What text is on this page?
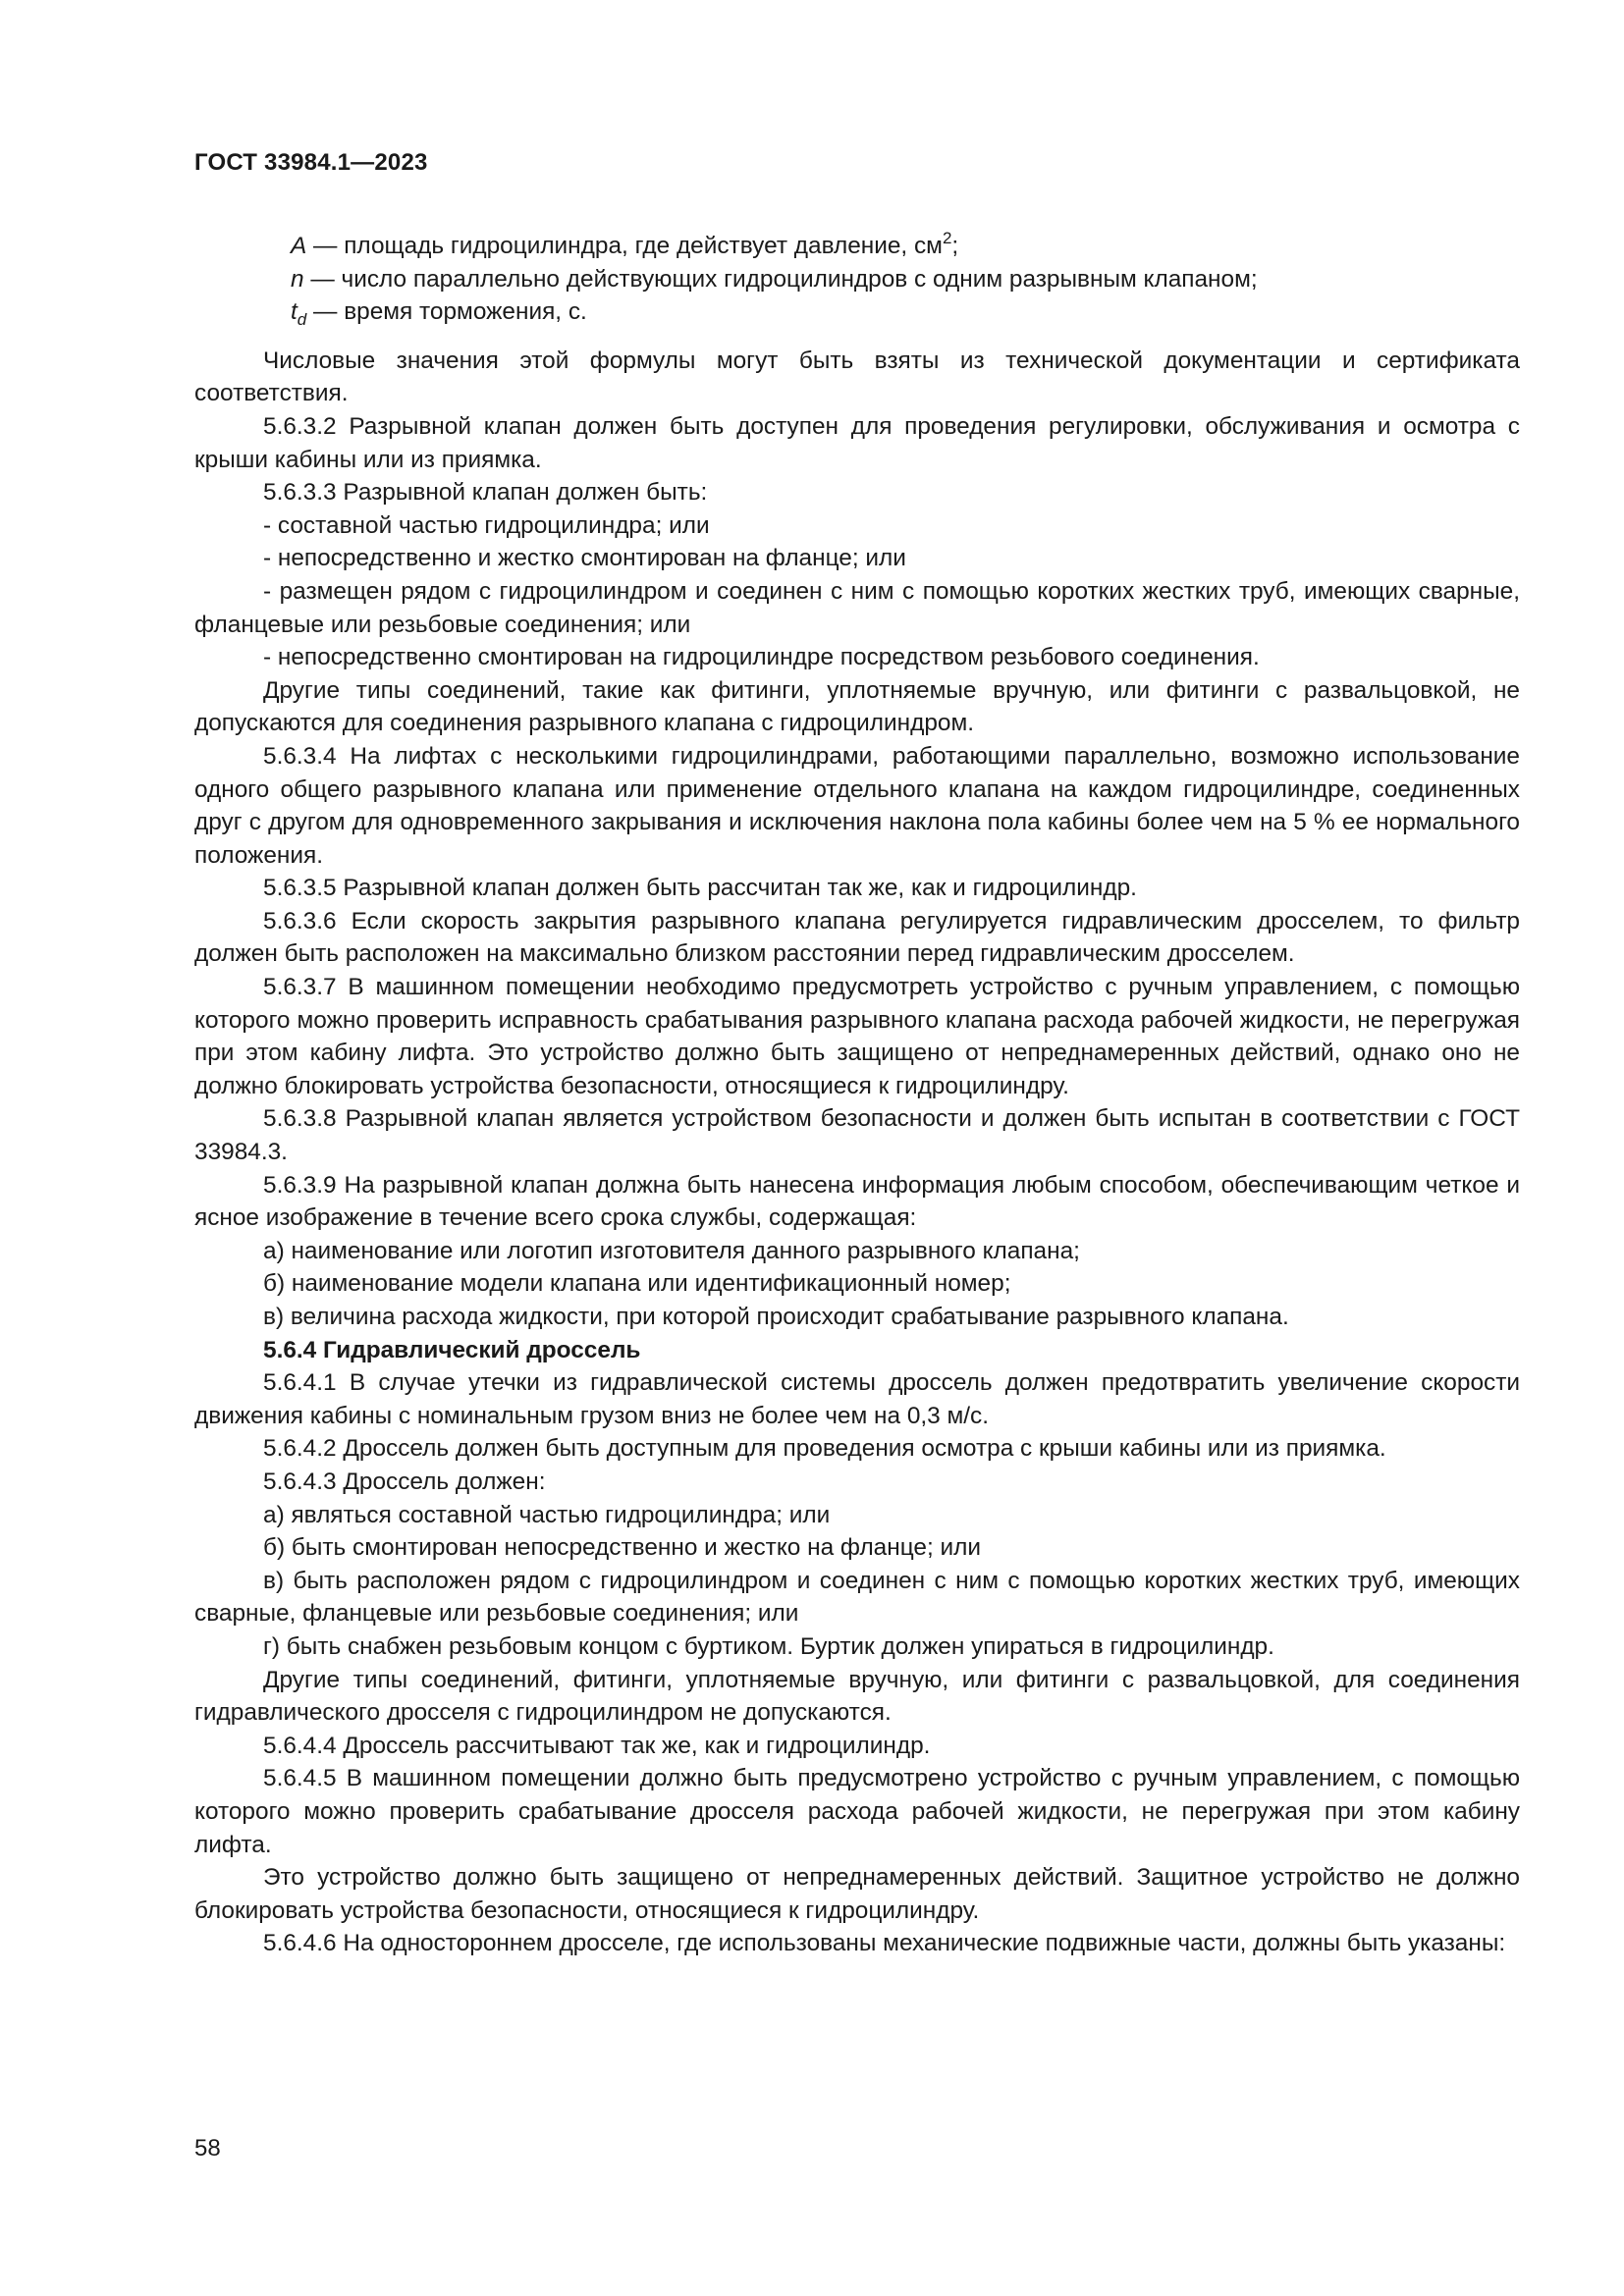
ГОСТ 33984.1—2023
A — площадь гидроцилиндра, где действует давление, $см^2$;
n — число параллельно действующих гидроцилиндров с одним разрывным клапаном;
$t_d$ — время торможения, с.

Числовые значения этой формулы могут быть взяты из технической документации и сертификата соответствия.

5.6.3.2 Разрывной клапан должен быть доступен для проведения регулировки, обслуживания и осмотра с крыши кабины или из приямка.

5.6.3.3 Разрывной клапан должен быть:

- составной частью гидроцилиндра; или

- непосредственно и жестко смонтирован на фланце; или

- размещен рядом с гидроцилиндром и соединен с ним с помощью коротких жестких труб, имеющих сварные, фланцевые или резьбовые соединения; или

- непосредственно смонтирован на гидроцилиндре посредством резьбового соединения.

Другие типы соединений, такие как фитинги, уплотняемые вручную, или фитинги с развальцовкой, не допускаются для соединения разрывного клапана с гидроцилиндром.

5.6.3.4 На лифтах с несколькими гидроцилиндрами, работающими параллельно, возможно использование одного общего разрывного клапана или применение отдельного клапана на каждом гидроцилиндре, соединенных друг с другом для одновременного закрывания и исключения наклона пола кабины более чем на 5 % ее нормального положения.

5.6.3.5 Разрывной клапан должен быть рассчитан так же, как и гидроцилиндр.

5.6.3.6 Если скорость закрытия разрывного клапана регулируется гидравлическим дросселем, то фильтр должен быть расположен на максимально близком расстоянии перед гидравлическим дросселем.

5.6.3.7 В машинном помещении необходимо предусмотреть устройство с ручным управлением, с помощью которого можно проверить исправность срабатывания разрывного клапана расхода рабочей жидкости, не перегружая при этом кабину лифта. Это устройство должно быть защищено от непреднамеренных действий, однако оно не должно блокировать устройства безопасности, относящиеся к гидроцилиндру.

5.6.3.8 Разрывной клапан является устройством безопасности и должен быть испытан в соответствии с ГОСТ 33984.3.

5.6.3.9 На разрывной клапан должна быть нанесена информация любым способом, обеспечивающим четкое и ясное изображение в течение всего срока службы, содержащая:

а) наименование или логотип изготовителя данного разрывного клапана;

б) наименование модели клапана или идентификационный номер;

в) величина расхода жидкости, при которой происходит срабатывание разрывного клапана.

5.6.4 Гидравлический дроссель

5.6.4.1 В случае утечки из гидравлической системы дроссель должен предотвратить увеличение скорости движения кабины с номинальным грузом вниз не более чем на 0,3 м/с.

5.6.4.2 Дроссель должен быть доступным для проведения осмотра с крыши кабины или из приямка.

5.6.4.3 Дроссель должен:

а) являться составной частью гидроцилиндра; или

б) быть смонтирован непосредственно и жестко на фланце; или

в) быть расположен рядом с гидроцилиндром и соединен с ним с помощью коротких жестких труб, имеющих сварные, фланцевые или резьбовые соединения; или

г) быть снабжен резьбовым концом с буртиком. Буртик должен упираться в гидроцилиндр.

Другие типы соединений, фитинги, уплотняемые вручную, или фитинги с развальцовкой, для соединения гидравлического дросселя с гидроцилиндром не допускаются.

5.6.4.4 Дроссель рассчитывают так же, как и гидроцилиндр.

5.6.4.5 В машинном помещении должно быть предусмотрено устройство с ручным управлением, с помощью которого можно проверить срабатывание дросселя расхода рабочей жидкости, не перегружая при этом кабину лифта.

Это устройство должно быть защищено от непреднамеренных действий. Защитное устройство не должно блокировать устройства безопасности, относящиеся к гидроцилиндру.

5.6.4.6 На одностороннем дросселе, где использованы механические подвижные части, должны быть указаны:

58
